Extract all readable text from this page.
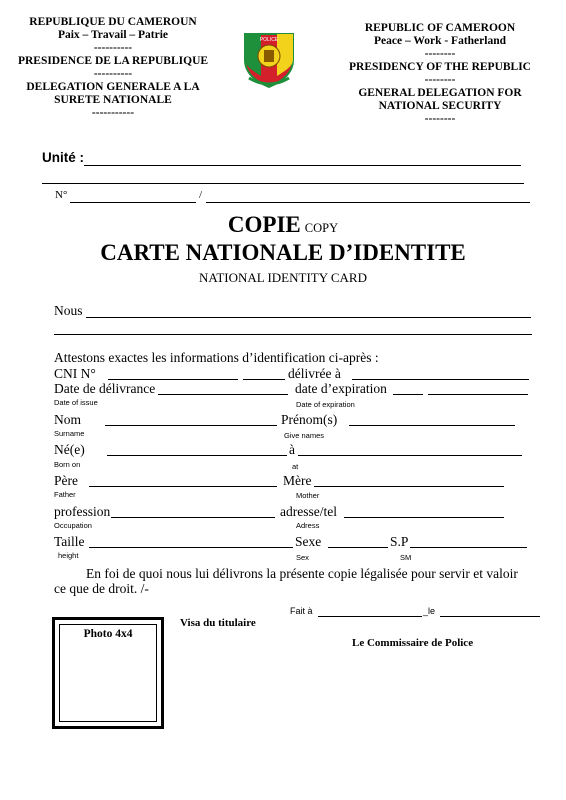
REPUBLIQUE DU CAMEROUN
Paix – Travail – Patrie
----------
PRESIDENCE DE LA REPUBLIQUE
----------
DELEGATION GENERALE A LA
SURETE NATIONALE
-----------
POLICE
REPUBLIC OF CAMEROON
Peace – Work - Fatherland
--------
PRESIDENCY OF THE REPUBLIC
--------
GENERAL DELEGATION FOR
NATIONAL SECURITY
--------
Unité :
N°	/
COPIE COPY
CARTE NATIONALE D’IDENTITE
NATIONAL IDENTITY CARD
Nous
Attestons exactes les informations d’identification ci-après :
CNI N°	délivrée à
Date de délivrance	date d’expiration
Date of issue	Date of expiration
Nom	Prénom(s)
Surname	Give names
Né(e)	à
Born on	at
Père	Mère
Father	Mother
profession	adresse/tel
Occupation	Adress
Taille	Sexe	S.P
height	Sex	SM
En foi de quoi nous lui délivrons la présente copie légalisée pour servir et valoir
ce que de droit. /-
Fait à	_le
Photo 4x4
Visa du titulaire
Le Commissaire de Police
